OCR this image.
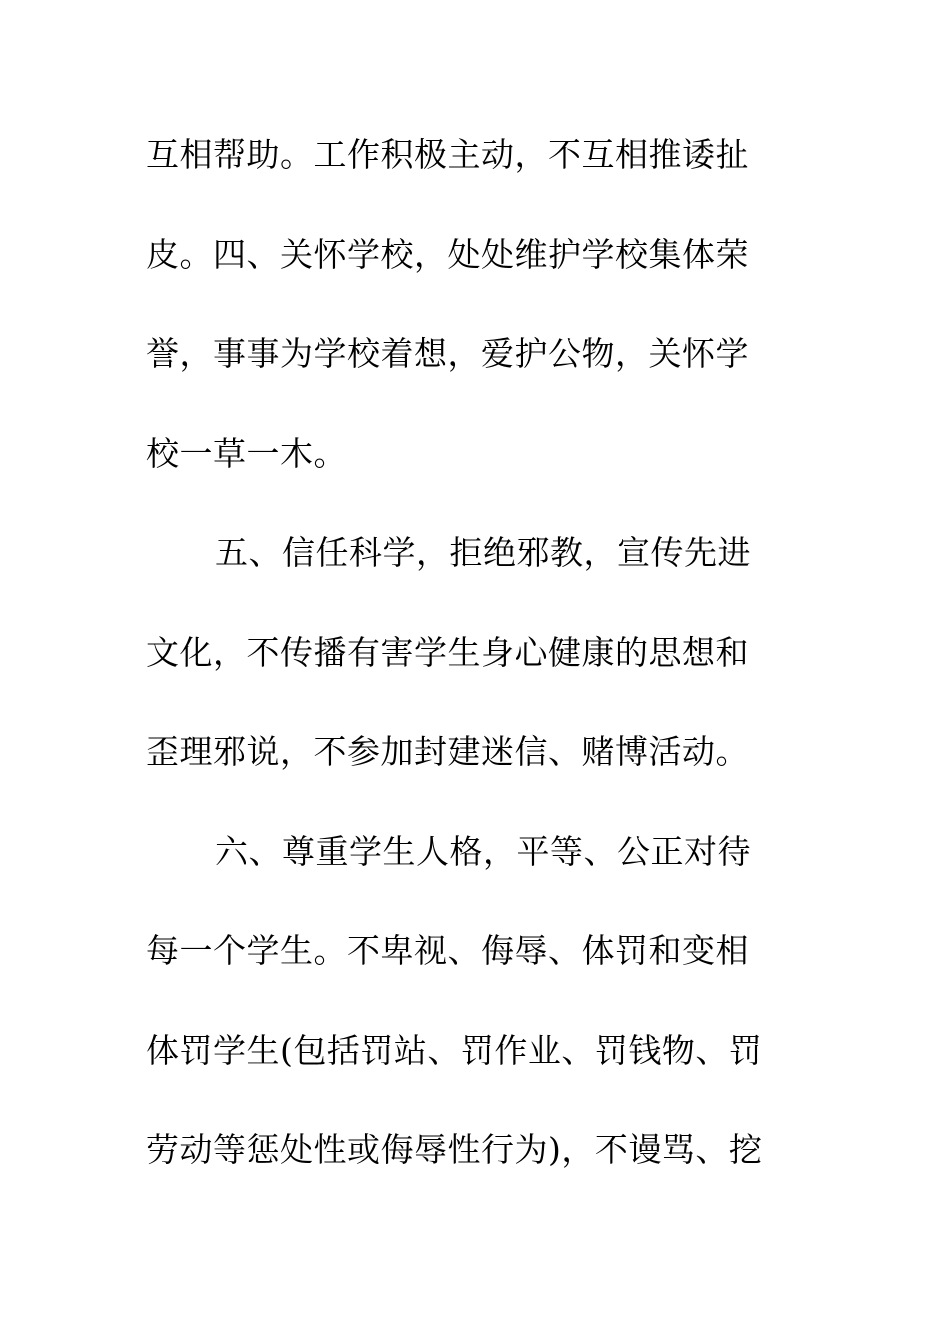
互相帮助。工作积极主动，不互相推诿扯
皮。四、关怀学校，处处维护学校集体荣
誉，事事为学校着想，爱护公物，关怀学
校一草一木。
五、信任科学，拒绝邪教，宣传先进
文化，不传播有害学生身心健康的思想和
歪理邪说，不参加封建迷信、赌博活动。
六、尊重学生人格，平等、公正对待
每一个学生。不卑视、侮辱、体罚和变相
体罚学生(包括罚站、罚作业、罚钱物、罚
劳动等惩处性或侮辱性行为)，不谩骂、挖
